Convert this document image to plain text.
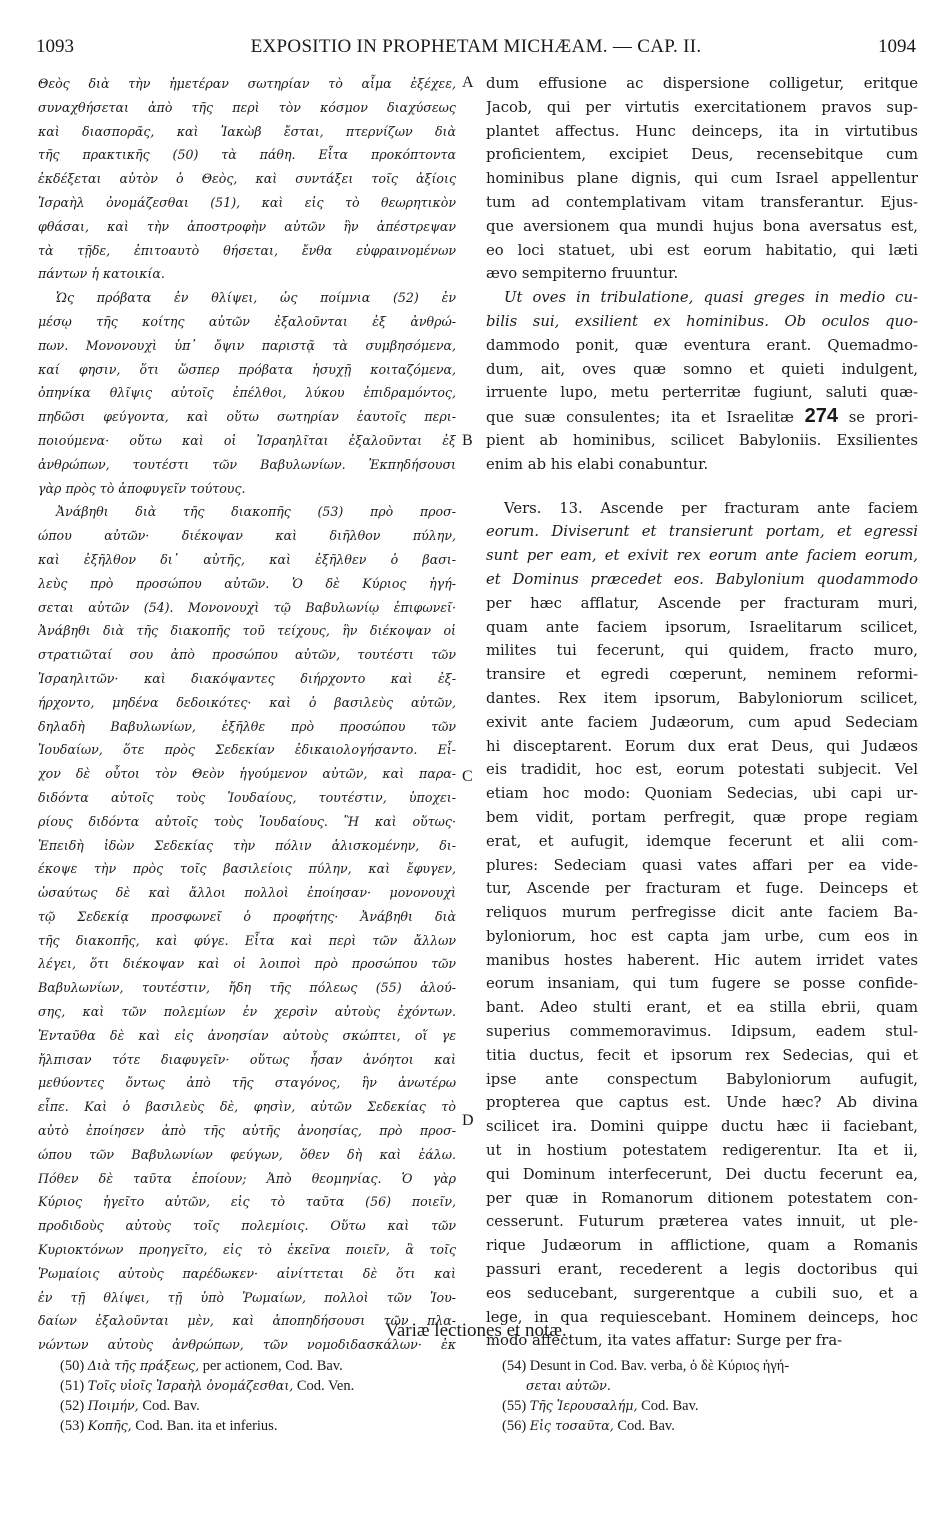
1093	EXPOSITIO IN PROPHETAM MICHÆAM. — CAP. II.	1094
Θεὸς διὰ τὴν ἡμετέραν σωτηρίαν τὸ αἷμα ἐξέχεε,
συναχθήσεται ἀπὸ τῆς περὶ τὸν κόσμον διαχύσεως
καὶ διασπορᾶς, καὶ Ἰακὼβ ἔσται, πτερνίζων διὰ
τῆς πρακτικῆς (50) τὰ πάθη. Εἶτα προκόπτοντα
ἐκδέξεται αὐτὸν ὁ Θεὸς, καὶ συντάξει τοῖς ἀξίοις
Ἰσραὴλ ὀνομάζεσθαι (51), καὶ εἰς τὸ θεωρητικὸν
φθάσαι, καὶ τὴν ἀποστροφὴν αὐτῶν ἣν ἀπέστρεψαν
τὰ τῇδε, ἐπιτοαυτὸ θήσεται, ἔνθα εὐφραινομένων
πάντων ἡ κατοικία.
Ὡς πρόβατα ἐν θλίψει, ὡς ποίμνια (52) ἐν
μέσῳ τῆς κοίτης αὐτῶν ἐξαλοῦνται ἐξ ἀνθρώ-
πων. Μονονουχὶ ὑπ᾽ ὄψιν παριστᾷ τὰ συμβησόμενα,
καί φησιν, ὅτι ὥσπερ πρόβατα ἡσυχῇ κοιταζόμενα,
ὁπηνίκα θλῖψις αὐτοῖς ἐπέλθοι, λύκου ἐπιδραμόντος,
πηδῶσι φεύγοντα, καὶ οὕτω σωτηρίαν ἑαυτοῖς περι-
ποιούμενα· οὕτω καὶ οἱ Ἰσραηλῖται ἐξαλοῦνται ἐξ
ἀνθρώπων, τουτέστι τῶν Βαβυλωνίων. Ἐκπηδήσουσι
γὰρ πρὸς τὸ ἀποφυγεῖν τούτους.
Ἀνάβηθι διὰ τῆς διακοπῆς (53) πρὸ προσ-
ώπου αὐτῶν· διέκοψαν καὶ διῆλθον πύλην,
καὶ ἐξῆλθον δι᾽ αὐτῆς, καὶ ἐξῆλθεν ὁ βασι-
λεὺς πρὸ προσώπου αὐτῶν. Ὁ δὲ Κύριος ἡγή-
σεται αὐτῶν (54). Μονονουχὶ τῷ Βαβυλωνίῳ ἐπιφωνεῖ·
Ἀνάβηθι διὰ τῆς διακοπῆς τοῦ τείχους, ἣν διέκοψαν οἱ
στρατιῶταί σου ἀπὸ προσώπου αὐτῶν, τουτέστι τῶν
Ἰσραηλιτῶν· καὶ διακόψαντες διήρχοντο καὶ ἐξ-
ήρχοντο, μηδένα δεδοικότες· καὶ ὁ βασιλεὺς αὐτῶν,
δηλαδὴ Βαβυλωνίων, ἐξῆλθε πρὸ προσώπου τῶν
Ἰουδαίων, ὅτε πρὸς Σεδεκίαν ἐδικαιολογήσαντο. Εἶ-
χον δὲ οὗτοι τὸν Θεὸν ἡγούμενον αὐτῶν, καὶ παρα-
διδόντα αὐτοῖς τοὺς Ἰουδαίους, τουτέστιν, ὑποχει-
ρίους διδόντα αὐτοῖς τοὺς Ἰουδαίους. Ἢ καὶ οὕτως·
Ἐπειδὴ ἰδὼν Σεδεκίας τὴν πόλιν ἁλισκομένην, δι-
έκοψε τὴν πρὸς τοῖς βασιλείοις πύλην, καὶ ἔφυγεν,
ὡσαύτως δὲ καὶ ἄλλοι πολλοὶ ἐποίησαν· μονονουχὶ
τῷ Σεδεκίᾳ προσφωνεῖ ὁ προφήτης· Ἀνάβηθι διὰ
τῆς διακοπῆς, καὶ φύγε. Εἶτα καὶ περὶ τῶν ἄλλων
λέγει, ὅτι διέκοψαν καὶ οἱ λοιποὶ πρὸ προσώπου τῶν
Βαβυλωνίων, τουτέστιν, ἤδη τῆς πόλεως (55) ἁλού-
σης, καὶ τῶν πολεμίων ἐν χερσὶν αὐτοὺς ἐχόντων.
Ἐνταῦθα δὲ καὶ εἰς ἀνοησίαν αὐτοὺς σκώπτει, οἵ γε
ἤλπισαν τότε διαφυγεῖν· οὕτως ἦσαν ἀνόητοι καὶ
μεθύοντες ὄντως ἀπὸ τῆς σταγόνος, ἣν ἀνωτέρω
εἶπε. Καὶ ὁ βασιλεὺς δὲ, φησὶν, αὐτῶν Σεδεκίας τὸ
αὐτὸ ἐποίησεν ἀπὸ τῆς αὐτῆς ἀνοησίας, πρὸ προσ-
ώπου τῶν Βαβυλωνίων φεύγων, ὅθεν δὴ καὶ ἑάλω.
Πόθεν δὲ ταῦτα ἐποίουν; Ἀπὸ θεομηνίας. Ὁ γὰρ
Κύριος ἡγεῖτο αὐτῶν, εἰς τὸ ταῦτα (56) ποιεῖν,
προδιδοὺς αὐτοὺς τοῖς πολεμίοις. Οὕτω καὶ τῶν
Κυριοκτόνων προηγεῖτο, εἰς τὸ ἐκεῖνα ποιεῖν, ἃ τοῖς
Ῥωμαίοις αὐτοὺς παρέδωκεν· αἰνίττεται δὲ ὅτι καὶ
ἐν τῇ θλίψει, τῇ ὑπὸ Ῥωμαίων, πολλοὶ τῶν Ἰου-
δαίων ἐξαλοῦνται μὲν, καὶ ἀποπηδήσουσι τῶν πλα-
νώντων αὐτοὺς ἀνθρώπων, τῶν νομοδιδασκάλων· ἐκ
dum effusione ac dispersione colligetur, eritque
Jacob, qui per virtutis exercitationem pravos sup-
plantet affectus. Hunc deinceps, ita in virtutibus
proficientem, excipiet Deus, recensebitque cum
hominibus plane dignis, qui cum Israel appellentur
tum ad contemplativam vitam transferantur. Ejus-
que aversionem qua mundi hujus bona aversatus est,
eo loci statuet, ubi est eorum habitatio, qui læti
ævo sempiterno fruuntur.
Ut oves in tribulatione, quasi greges in medio cu-
bilis sui, exsilient ex hominibus. Ob oculos quo-
dammodo ponit, quæ eventura erant. Quemadmo-
dum, ait, oves quæ somno et quieti indulgent,
irruente lupo, metu perterritæ fugiunt, saluti quæ-
que suæ consulentes; ita et Israelitæ 274 se prori-
pient ab hominibus, scilicet Babyloniis. Exsilientes
enim ab his elabi conabuntur.
Vers. 13. Ascende per fracturam ante faciem
eorum. Diviserunt et transierunt portam, et egressi
sunt per eam, et exivit rex eorum ante faciem eorum,
et Dominus præcedet eos. Babylonium quodammodo
per hæc afflatur, Ascende per fracturam muri,
quam ante faciem ipsorum, Israelitarum scilicet,
milites tui fecerunt, qui quidem, fracto muro,
transire et egredi cœperunt, neminem reformi-
dantes. Rex item ipsorum, Babyloniorum scilicet,
exivit ante faciem Judæorum, cum apud Sedeciam
hi disceptarent. Eorum dux erat Deus, qui Judæos
eis tradidit, hoc est, eorum potestati subjecit. Vel
etiam hoc modo: Quoniam Sedecias, ubi capi ur-
bem vidit, portam perfregit, quæ prope regiam
erat, et aufugit, idemque fecerunt et alii com-
plures: Sedeciam quasi vates affari per ea vide-
tur, Ascende per fracturam et fuge. Deinceps et
reliquos murum perfregisse dicit ante faciem Ba-
byloniorum, hoc est capta jam urbe, cum eos in
manibus hostes haberent. Hic autem irridet vates
eorum insaniam, qui tum fugere se posse confide-
bant. Adeo stulti erant, et ea stilla ebrii, quam
superius commemoravimus. Idipsum, eadem stul-
titia ductus, fecit et ipsorum rex Sedecias, qui et
ipse ante conspectum Babyloniorum aufugit,
propterea que captus est. Unde hæc? Ab divina
scilicet ira. Domini quippe ductu hæc ii faciebant,
ut in hostium potestatem redigerentur. Ita et ii,
qui Dominum interfecerunt, Dei ductu fecerunt ea,
per quæ in Romanorum ditionem potestatem con-
cesserunt. Futurum præterea vates innuit, ut ple-
rique Judæorum in afflictione, quam a Romanis
passuri erant, recederent a legis doctoribus qui
eos seducebant, surgerentque a cubili suo, et a
lege, in qua requiescebant. Hominem deinceps, hoc
modo affectum, ita vates affatur: Surge per fra-
A
B
C
D
Variæ lectiones et notæ.
(50) Διὰ τῆς πράξεως, per actionem, Cod. Bav.
(51) Τοῖς υἱοῖς Ἰσραὴλ ὀνομάζεσθαι, Cod. Ven.
(52) Ποιμήν, Cod. Bav.
(53) Κοπῆς, Cod. Ban. ita et inferius.
(54) Desunt in Cod. Bav. verba, ὁ δὲ Κύριος ἡγή-
σεται αὐτῶν.
(55) Τῆς Ἱερουσαλήμ, Cod. Bav.
(56) Εἰς τοσαῦτα, Cod. Bav.
